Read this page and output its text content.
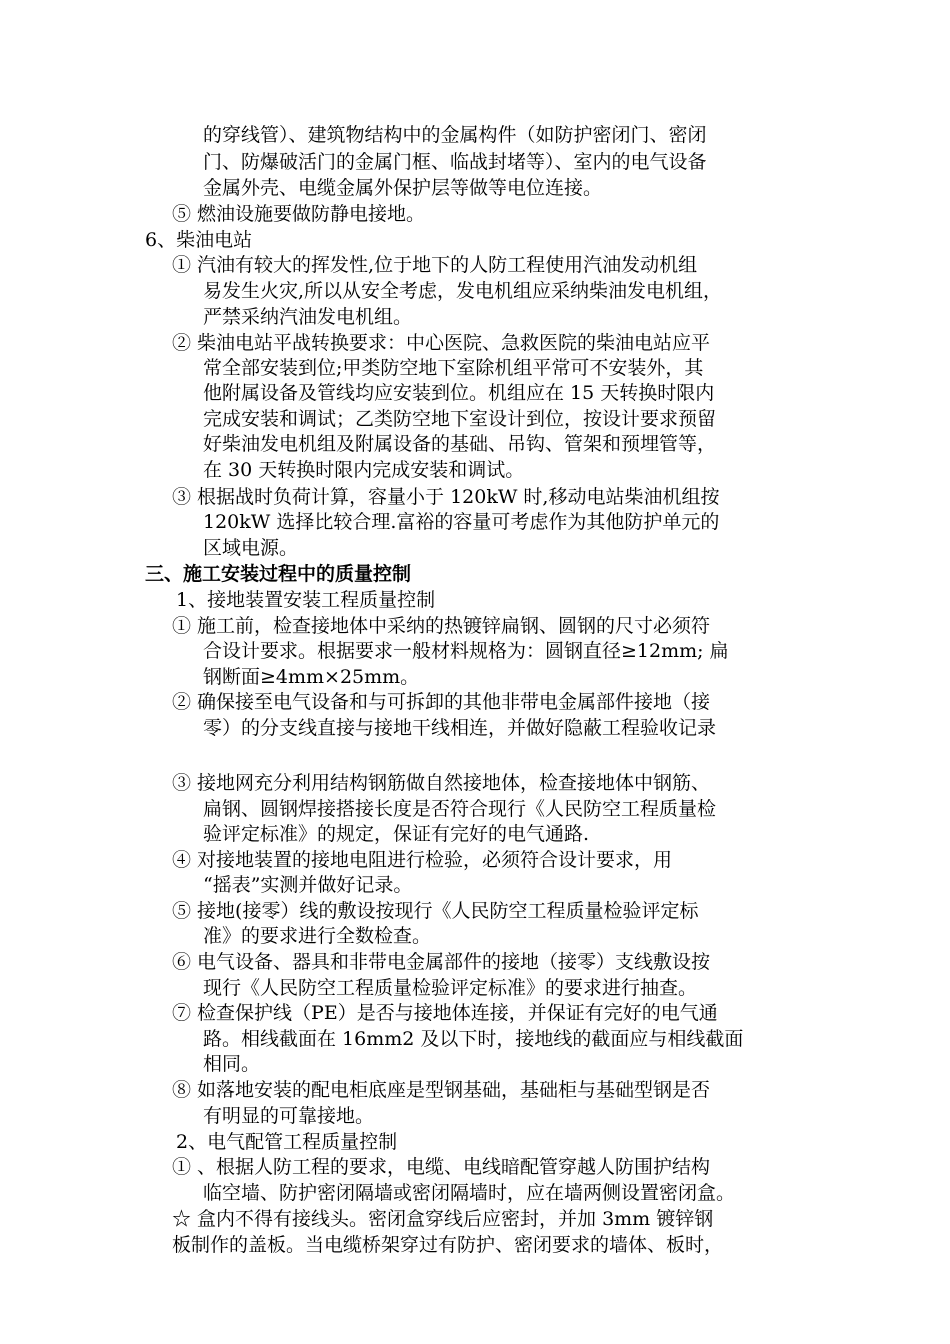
的穿线管）、建筑物结构中的金属构件（如防护密闭门、密闭
门、防爆破活门的金属门框、临战封堵等）、室内的电气设备
金属外壳、电缆金属外保护层等做等电位连接。
⑤ 燃油设施要做防静电接地。
6、柴油电站
① 汽油有较大的挥发性,位于地下的人防工程使用汽油发动机组
易发生火灾,所以从安全考虑，发电机组应采纳柴油发电机组，
严禁采纳汽油发电机组。
② 柴油电站平战转换要求：中心医院、急救医院的柴油电站应平
常全部安装到位;甲类防空地下室除机组平常可不安装外，其
他附属设备及管线均应安装到位。机组应在 15 天转换时限内
完成安装和调试；乙类防空地下室设计到位，按设计要求预留
好柴油发电机组及附属设备的基础、吊钩、管架和预埋管等，
在 30 天转换时限内完成安装和调试。
③ 根据战时负荷计算，容量小于 120kW 时,移动电站柴油机组按
120kW 选择比较合理.富裕的容量可考虑作为其他防护单元的
区域电源。
三、施工安装过程中的质量控制
1、接地装置安装工程质量控制
① 施工前，检查接地体中采纳的热镀锌扁钢、圆钢的尺寸必须符
合设计要求。根据要求一般材料规格为：圆钢直径≥12mm; 扁
钢断面≥4mm×25mm。
② 确保接至电气设备和与可拆卸的其他非带电金属部件接地（接
零）的分支线直接与接地干线相连，并做好隐蔽工程验收记录
③ 接地网充分利用结构钢筋做自然接地体，检查接地体中钢筋、
扁钢、圆钢焊接搭接长度是否符合现行《人民防空工程质量检
验评定标准》的规定，保证有完好的电气通路.
④ 对接地装置的接地电阻进行检验，必须符合设计要求，用
“摇表”实测并做好记录。
⑤ 接地(接零）线的敷设按现行《人民防空工程质量检验评定标
准》的要求进行全数检查。
⑥ 电气设备、器具和非带电金属部件的接地（接零）支线敷设按
现行《人民防空工程质量检验评定标准》的要求进行抽查。
⑦ 检查保护线（PE）是否与接地体连接，并保证有完好的电气通
路。相线截面在 16mm2 及以下时，接地线的截面应与相线截面
相同。
⑧ 如落地安装的配电柜底座是型钢基础，基础柜与基础型钢是否
有明显的可靠接地。
2、电气配管工程质量控制
① 、根据人防工程的要求，电缆、电线暗配管穿越人防围护结构
临空墙、防护密闭隔墙或密闭隔墙时，应在墙两侧设置密闭盒。
☆ 盒内不得有接线头。密闭盒穿线后应密封，并加 3mm 镀锌钢
板制作的盖板。当电缆桥架穿过有防护、密闭要求的墙体、板时，
